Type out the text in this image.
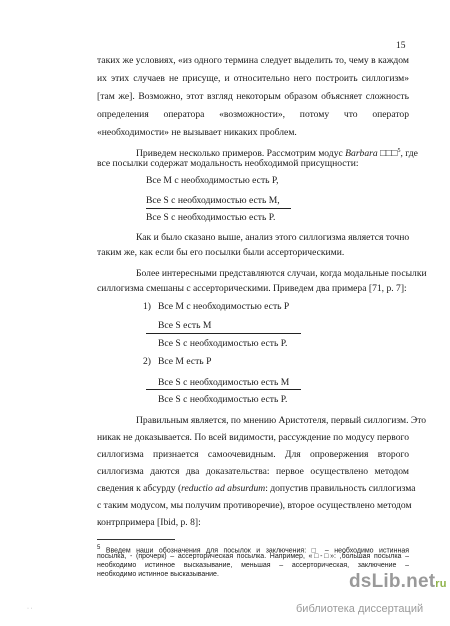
15
таких же условиях, «из одного термина следует выделить то, чему в каждом
их этих случаев не присуще, и относительно него построить силлогизм»
[там же]. Возможно, этот взгляд некоторым образом объясняет сложность
определения оператора «возможности», потому что оператор
«необходимости» не вызывает никаких проблем.
Приведем несколько примеров. Рассмотрим модус Barbara □□□$^5$, где
все посылки содержат модальность необходимой присущности:
Все M с необходимостью есть P,
Все S с необходимостью есть M,
Все S с необходимостью есть P.
Как и было сказано выше, анализ этого силлогизма является точно
таким же, как если бы его посылки были ассерторическими.
Более интересными представляются случаи, когда модальные посылки
силлогизма смешаны с ассерторическими. Приведем два примера [71, p. 7]:
1) Все M с необходимостью есть P
Все S есть M
Все S с необходимостью есть P.
2) Все M есть P
Все S с необходимостью есть M
Все S с необходимостью есть P.
Правильным является, по мнению Аристотеля, первый силлогизм. Это
никак не доказывается. По всей видимости, рассуждение по модусу первого
силлогизма признается самоочевидным. Для опровержения второго
силлогизма даются два доказательства: первое осуществлено методом
сведения к абсурду (reductio ad absurdum: допустив правильность силлогизма
с таким модусом, мы получим противоречие), второе осуществлено методом
контрпримера [Ibid, p. 8]:
$^5$ Введем наши обозначения для посылок и заключения: □ – необходимо истинная
посылка, - (прочерк) – ассерторическая посылка. Например, «□-□»: ,большая посылка –
необходимо истинное высказывание, меньшая – ассерторическая, заключение –
необходимо истинное высказывание.	dsLib.netru
библиотека диссертаций
· ·
